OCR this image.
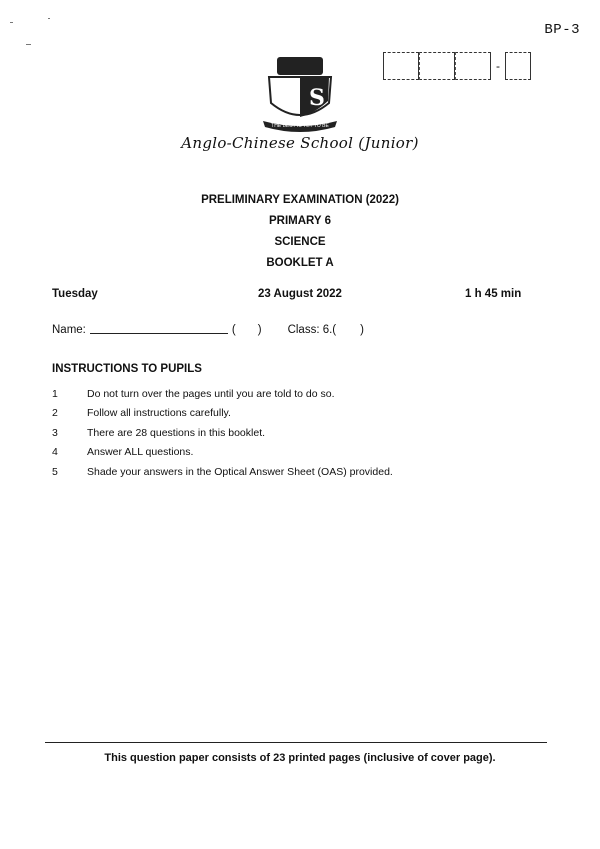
BP-3
-
S
THE BEST IS YET TO BE
Anglo-Chinese School (Junior)
PRELIMINARY EXAMINATION (2022)
PRIMARY 6
SCIENCE
BOOKLET A
Tuesday	23 August 2022	1 h 45 min
Name:	( ) Class: 6.( )
INSTRUCTIONS TO PUPILS
1	Do not turn over the pages until you are told to do so.
2	Follow all instructions carefully.
3	There are 28 questions in this booklet.
4	Answer ALL questions.
5	Shade your answers in the Optical Answer Sheet (OAS) provided.
This question paper consists of 23 printed pages (inclusive of cover page).
